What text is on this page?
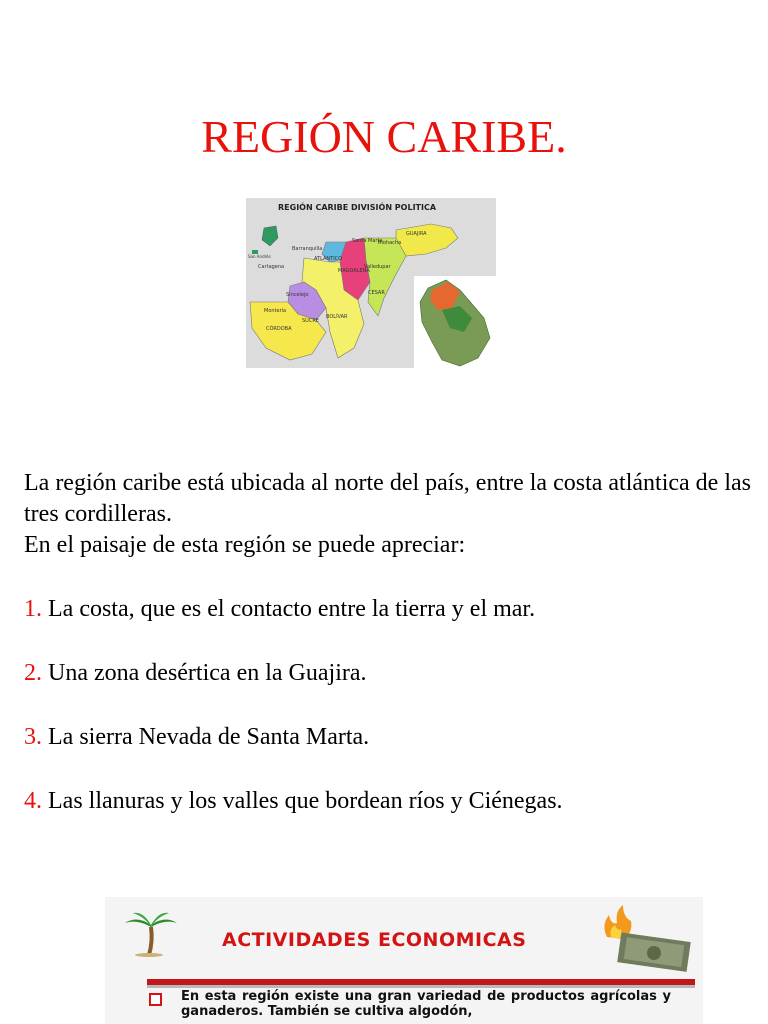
REGIÓN CARIBE.
REGIÓN CARIBE DIVISIÓN POLITICA
GUAJIRA
Santa Marta
Riohacha
Barranquilla
ATLÁNTICO
Cartagena
MAGDALENA
Valledupar
Sincelejo	CESAR
Montería
SUCRE
BOLÍVAR
CÓRDOBA
San Andrés

La región caribe está ubicada al norte del país, entre la costa atlántica de las tres cordilleras.

En el paisaje de esta región se puede apreciar:

1. La costa, que es el contacto entre la tierra y el mar.
2. Una zona desértica en la Guajira.
3. La sierra Nevada de Santa Marta.
4. Las llanuras y los valles que bordean ríos y Ciénegas.
ACTIVIDADES ECONOMICAS
En esta región existe una gran variedad de productos agrícolas y ganaderos. También se cultiva algodón,
